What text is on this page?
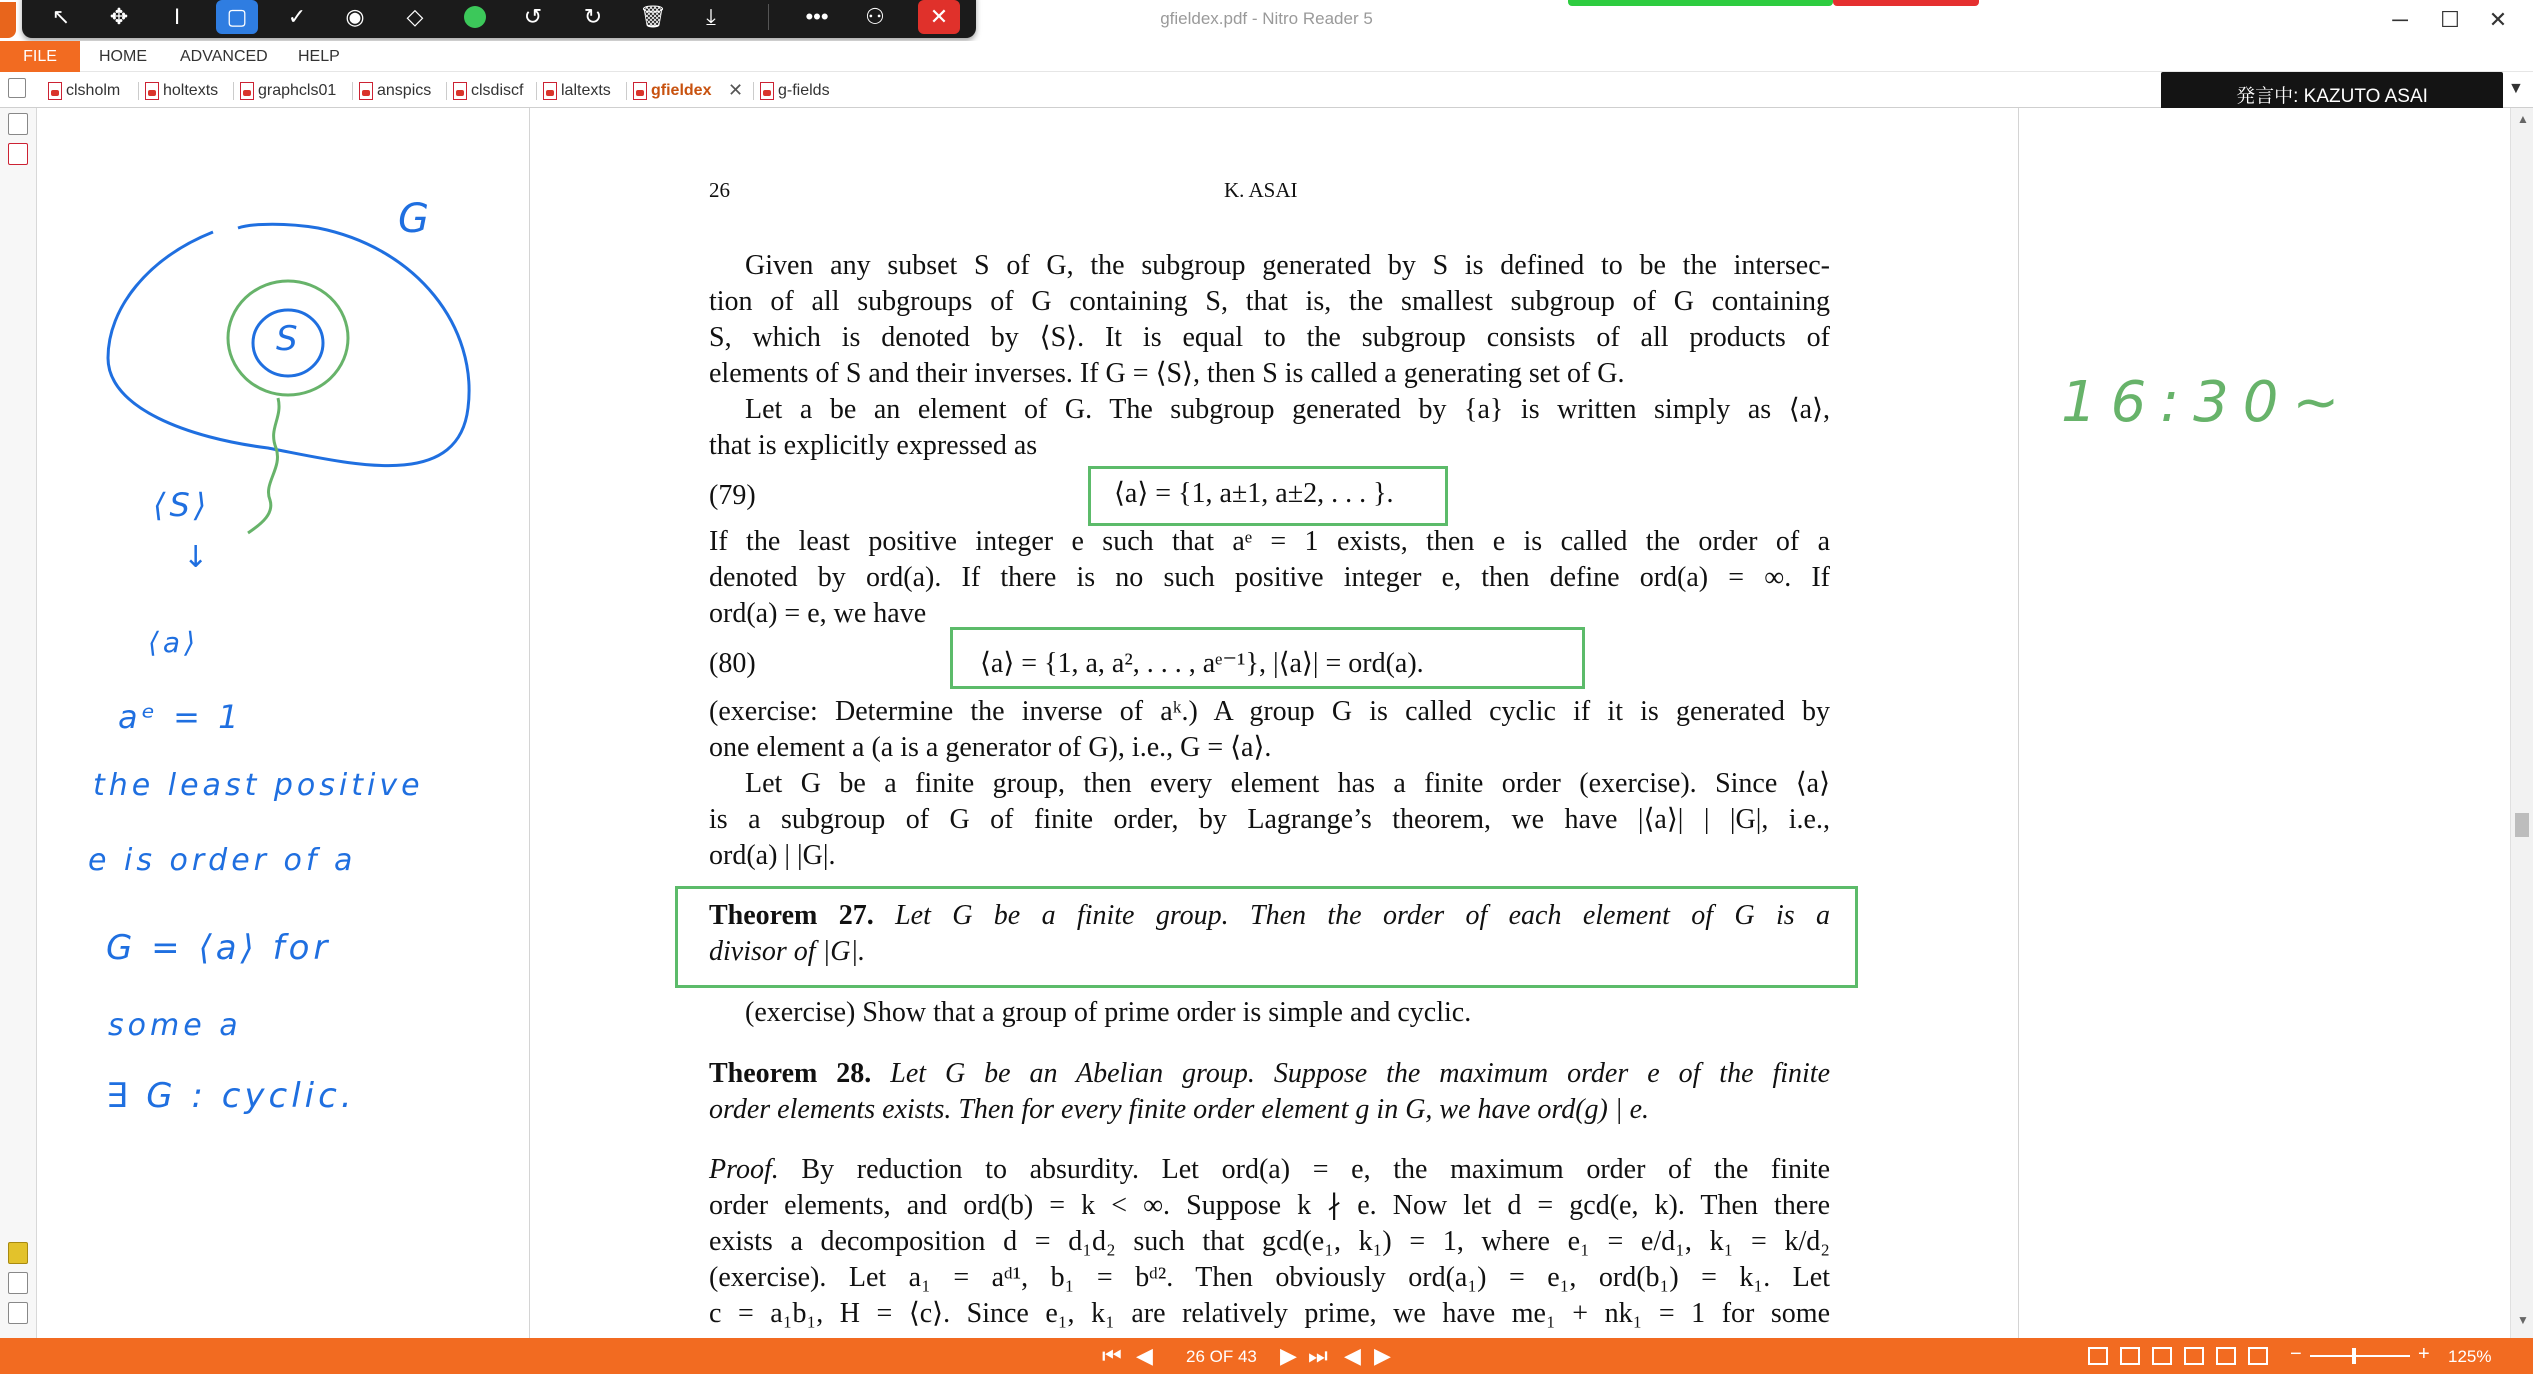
gfieldex.pdf - Nitro Reader 5	─	☐	✕
↖	✥	I	▢	✓	◉	◇	↺	↻	🗑	⤓	•••	⚇	✕
FILE	HOME ADVANCED HELP
clsholm	holtexts	graphcls01	anspics	clsdiscf	laltexts	gfieldex ✕	g-fields	発言中: KAZUTO ASAI	▼
G
S
⟨S⟩
↓
⟨a⟩
aᵉ = 1
the least positive
e is order of a
G = ⟨a⟩ for
some a
∃ G : cyclic.
26	K. ASAI
Given any subset S of G, the subgroup generated by S is defined to be the intersec-
tion of all subgroups of G containing S, that is, the smallest subgroup of G containing
S, which is denoted by ⟨S⟩. It is equal to the subgroup consists of all products of
elements of S and their inverses. If G = ⟨S⟩, then S is called a generating set of G.
Let a be an element of G. The subgroup generated by {a} is written simply as ⟨a⟩,
that is explicitly expressed as
(79)	⟨a⟩ = {1, a±1, a±2, . . . }.
If the least positive integer e such that aᵉ = 1 exists, then e is called the order of a
denoted by ord(a). If there is no such positive integer e, then define ord(a) = ∞. If
ord(a) = e, we have
(80)	⟨a⟩ = {1, a, a², . . . , aᵉ⁻¹}, |⟨a⟩| = ord(a).
(exercise: Determine the inverse of aᵏ.) A group G is called cyclic if it is generated by
one element a (a is a generator of G), i.e., G = ⟨a⟩.
Let G be a finite group, then every element has a finite order (exercise). Since ⟨a⟩
is a subgroup of G of finite order, by Lagrange’s theorem, we have |⟨a⟩| | |G|, i.e.,
ord(a) | |G|.
Theorem 27. Let G be a finite group. Then the order of each element of G is a
divisor of |G|.
(exercise) Show that a group of prime order is simple and cyclic.
Theorem 28. Let G be an Abelian group. Suppose the maximum order e of the finite
order elements exists. Then for every finite order element g in G, we have ord(g) | e.
Proof. By reduction to absurdity. Let ord(a) = e, the maximum order of the finite
order elements, and ord(b) = k < ∞. Suppose k ∤ e. Now let d = gcd(e, k). Then there
exists a decomposition d = d₁d₂ such that gcd(e₁, k₁) = 1, where e₁ = e/d₁, k₁ = k/d₂
(exercise). Let a₁ = aᵈ¹, b₁ = bᵈ². Then obviously ord(a₁) = e₁, ord(b₁) = k₁. Let
c = a₁b₁, H = ⟨c⟩. Since e₁, k₁ are relatively prime, we have me₁ + nk₁ = 1 for some
16:30~
▲
▼
⏮ ◀ 26 OF 43 ▶ ⏭ ◀ ▶	−	+ 125%
